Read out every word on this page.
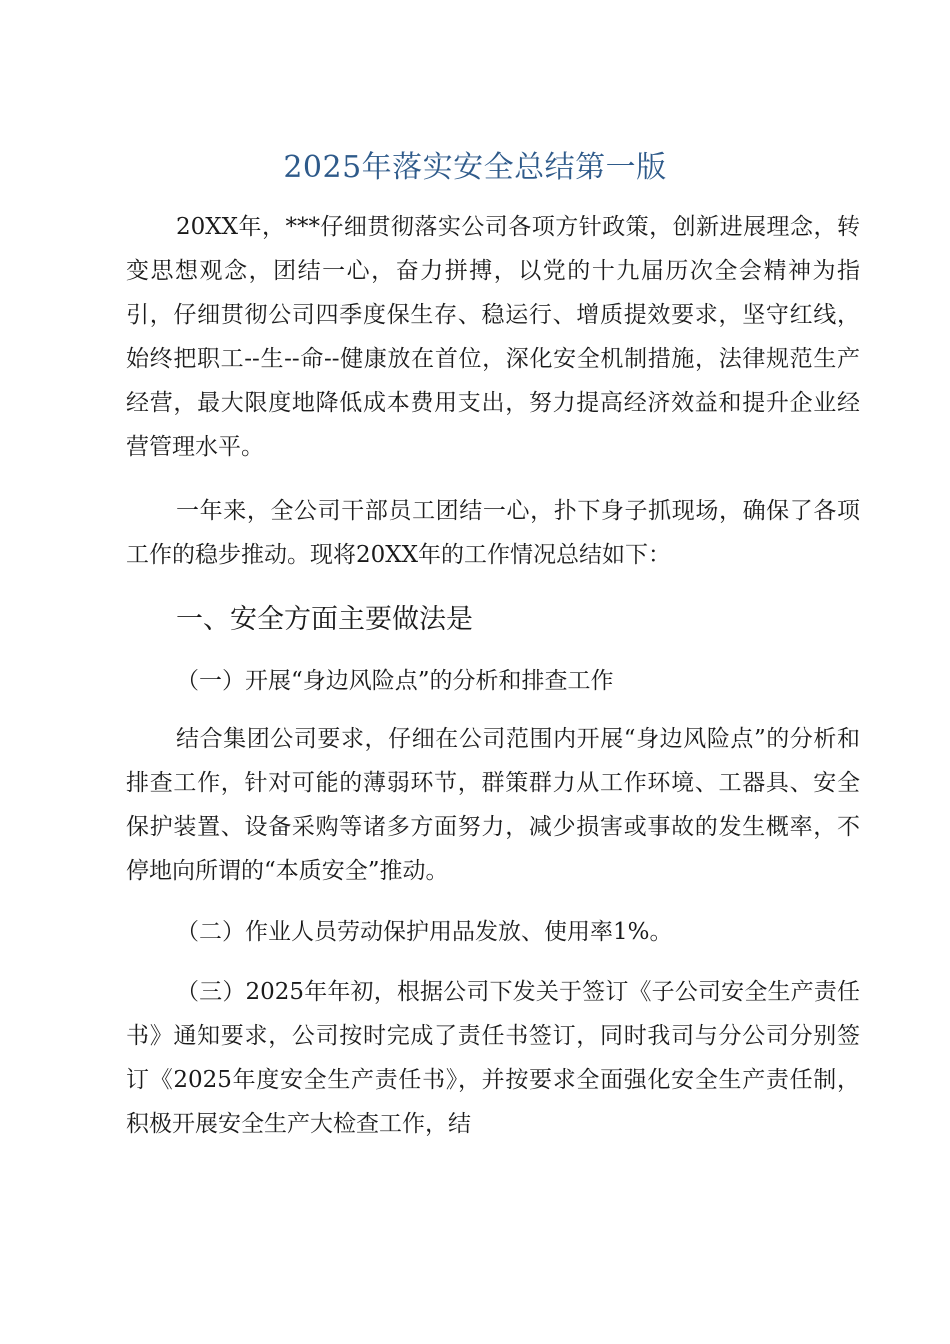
2025年落实安全总结第一版
20XX年，***仔细贯彻落实公司各项方针政策，创新进展理念，转变思想观念，团结一心，奋力拼搏，以党的十九届历次全会精神为指引，仔细贯彻公司四季度保生存、稳运行、增质提效要求，坚守红线，始终把职工--生--命--健康放在首位，深化安全机制措施，法律规范生产经营，最大限度地降低成本费用支出，努力提高经济效益和提升企业经营管理水平。
一年来，全公司干部员工团结一心，扑下身子抓现场，确保了各项工作的稳步推动。现将20XX年的工作情况总结如下：
一、安全方面主要做法是
（一）开展“身边风险点”的分析和排查工作
结合集团公司要求，仔细在公司范围内开展“身边风险点”的分析和排查工作，针对可能的薄弱环节，群策群力从工作环境、工器具、安全保护装置、设备采购等诸多方面努力，减少损害或事故的发生概率，不停地向所谓的“本质安全”推动。
（二）作业人员劳动保护用品发放、使用率1%。
（三）2025年年初，根据公司下发关于签订《子公司安全生产责任书》通知要求，公司按时完成了责任书签订，同时我司与分公司分别签订《2025年度安全生产责任书》，并按要求全面强化安全生产责任制，积极开展安全生产大检查工作，结
